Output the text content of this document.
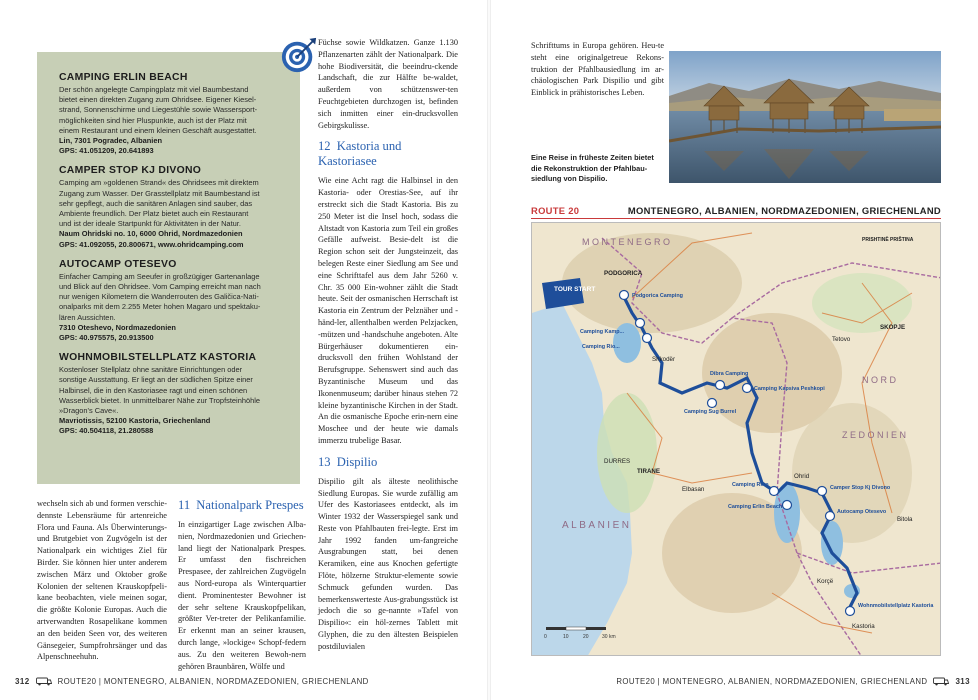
CAMPING ERLIN BEACH
Der schön angelegte Campingplatz mit viel Baumbestand
bietet einen direkten Zugang zum Ohridsee. Eigener Kiesel-
strand, Sonnenschirme und Liegestühle sowie Wassersport-
möglichkeiten sind hier Pluspunkte, auch ist der Platz mit
einem Restaurant und einem kleinen Geschäft ausgestattet.
Lin, 7301 Pogradec, Albanien
GPS: 41.051209, 20.641893
CAMPER STOP KJ DIVONO
Camping am »goldenen Strand« des Ohridsees mit direktem
Zugang zum Wasser. Der Grasstellplatz mit Baumbestand ist
sehr gepflegt, auch die sanitären Anlagen sind sauber, das
Ambiente freundlich. Der Platz bietet auch ein Restaurant
und ist der ideale Startpunkt für Aktivitäten in der Natur.
Naum Ohridski no. 10, 6000 Ohrid, Nordmazedonien
GPS: 41.092055, 20.800671, www.ohridcamping.com
AUTOCAMP OTESEVO
Einfacher Camping am Seeufer in großzügiger Gartenanlage
und Blick auf den Ohridsee. Vom Camping erreicht man nach
nur wenigen Kilometern die Wanderrouten des Galičica-Nati-
onalparks mit dem 2.255 Meter hohen Magaro und spektaku-
lären Aussichten.
7310 Oteshevo, Nordmazedonien
GPS: 40.975575, 20.913500
WOHNMOBILSTELLPLATZ KASTORIA
Kostenloser Stellplatz ohne sanitäre Einrichtungen oder
sonstige Ausstattung. Er liegt an der südlichen Spitze einer
Halbinsel, die in den Kastoriasee ragt und einen schönen
Wasserblick bietet. In unmittelbarer Nähe zur Tropfsteinhöhle
»Dragon's Cave«.
Mavriotissis, 52100 Kastoria, Griechenland
GPS: 40.504118, 21.280588
wechseln sich ab und formen verschie-dennste Lebensräume für artenreiche Flora und Fauna. Als Überwinterungs- und Brutgebiet von Zugvögeln ist der Nationalpark ein wichtiges Ziel für Birder. Sie können hier unter anderem zwischen März und Oktober große Kolonien der seltenen Krauskopfpeli-kane beobachten, viele meinen sogar, die größte Kolonie Europas. Auch die artverwandten Rosapelikane kommen an den beiden Seen vor, des weiteren Gänsegeier, Sumpfrohrsänger und das Alpenschneehuhn.
11 Nationalpark Prespes
In einzigartiger Lage zwischen Alba-nien, Nordmazedonien und Griechen-land liegt der Nationalpark Prespes. Er umfasst den fischreichen Prespasee, der zahlreichen Zugvögeln aus Nord-europa als Winterquartier dient. Prominentester Bewohner ist der sehr seltene Krauskopfpelikan, größter Ver-treter der Pelikanfamilie. Er erkennt man an seiner krausen, durch lange, »lockige« Schopf-federn aus. Zu den weiteren Bewoh-nern gehören Braunbären, Wölfe und

Füchse sowie Wildkatzen. Ganze 1.130 Pflanzenarten zählt der Nationalpark. Die hohe Biodiversität, die beeindru-ckende Landschaft, die zur Hälfte be-waldet, außerdem von schützenswer-ten Feuchtgebieten durchzogen ist, befinden sich inmitten einer ein-drucksvollen Gebirgskulisse.

12 Kastoria und Kastoriasee

Wie eine Acht ragt die Halbinsel in den Kastoria- oder Orestias-See, auf ihr erstreckt sich die Stadt Kastoria. Bis zu 250 Meter ist die Insel hoch, sodass die Altstadt von Kastoria zum Teil ein großes Gefälle aufweist. Besie-delt ist die Region schon seit der Jungsteinzeit, das belegen Reste einer Siedlung am See und eine Schrifttafel aus dem Jahr 5260 v. Chr. 35 000 Ein-wohner zählt die Stadt heute. Seit der osmanischen Herrschaft ist Kastoria ein Zentrum der Pelznäher und -händ-ler, allenthalben werden Pelzjacken, -mützen und -handschuhe angeboten. Alte Bürgerhäuser dokumentieren ein-drucksvoll den frühen Wohlstand der Berufsgruppe. Sehenswert sind auch das Byzantinische Museum und das Ikonenmuseum; darüber hinaus stehen 72 kleine byzantinische Kirchen in der Stadt. An die osmanische Epoche erin-nern eine Moschee und der heute wie damals immerzu trubelige Basar.

13 Dispilio

Dispilio gilt als älteste neolithische Siedlung Europas. Sie wurde zufällig am Ufer des Kastoriasees entdeckt, als im Winter 1932 der Wasserspiegel sank und Reste von Pfahlbauten frei-legte. Erst im Jahr 1992 fanden um-fangreiche Ausgrabungen statt, bei denen Keramiken, eine aus Knochen gefertigte Flöte, hölzerne Struktur-elemente sowie Schmuck gefunden wurden. Das bemerkenswerteste Aus-grabungsstück ist jedoch die so ge-nannte »Tafel von Dispilio«: ein höl-zernes Tablett mit Glyphen, die zu den ältesten Beispielen postdiluvialen

312	ROUTE20 | MONTENEGRO, ALBANIEN, NORDMAZEDONIEN, GRIECHENLAND
Schrifttums in Europa gehören. Heu-te steht eine originalgetreue Rekons-truktion der Pfahlbausiedlung im ar-chäologischen Park Dispilio und gibt Einblick in prähistorisches Leben.
Eine Reise in früheste Zeiten bietet die Rekonstruktion der Pfahlbau-siedlung von Dispilio.
ROUTE 20	MONTENEGRO, ALBANIEN, NORDMAZEDONIEN, GRIECHENLAND
TOUR START
Podgorica Camping
Camping Kamp...
Camping Rio...
Dibra Camping
Camping Kapsiva Peshkopi
Camping Sug Burrel
Camping Rino
Camping Erlin Beach
Camper Stop Kj Divono
Autocamp Otesevo
Wohnmobilstellplatz Kastoria
MONTENEGRO
ALBANIEN
NORD
ZEDONIEN
PODGORICA
SKOPJE
TIRANE
DURRES
Bitola
Tetovo
Elbasan
Shkodër
PRISHTINË PRIŠTINA
Kastoria
Korçë
Ohrid
0	10	20	30 km
ROUTE20 | MONTENEGRO, ALBANIEN, NORDMAZEDONIEN, GRIECHENLAND	313
